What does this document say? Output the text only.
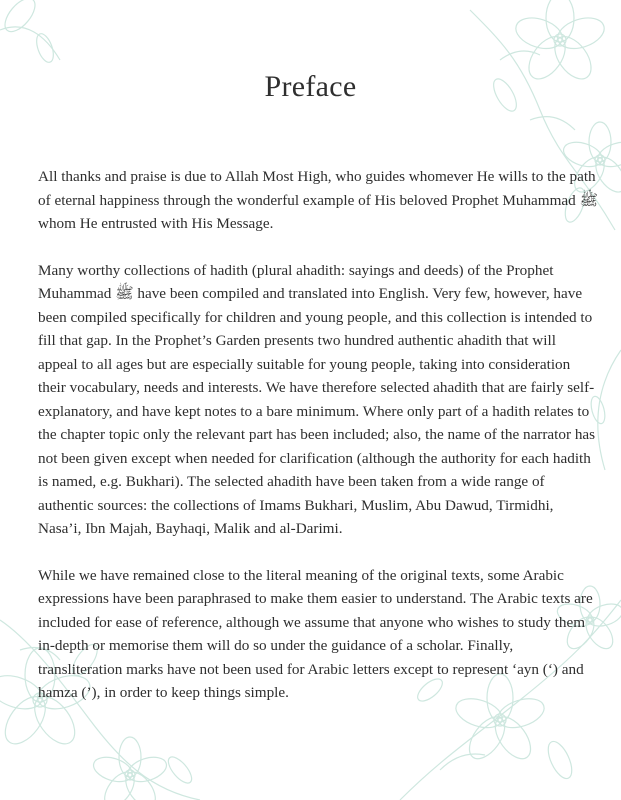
Preface

All thanks and praise is due to Allah Most High, who guides whomever He wills to the path of eternal happiness through the wonderful example of His beloved Prophet Muhammad ﷺ whom He entrusted with His Message.

Many worthy collections of hadith (plural ahadith: sayings and deeds) of the Prophet Muhammad ﷺ have been compiled and translated into English. Very few, however, have been compiled specifically for children and young people, and this collection is intended to fill that gap. In the Prophet’s Garden presents two hundred authentic ahadith that will appeal to all ages but are especially suitable for young people, taking into consideration their vocabulary, needs and interests. We have therefore selected ahadith that are fairly self-explanatory, and have kept notes to a bare minimum. Where only part of a hadith relates to the chapter topic only the relevant part has been included; also, the name of the narrator has not been given except when needed for clarification (although the authority for each hadith is named, e.g. Bukhari). The selected ahadith have been taken from a wide range of authentic sources: the collections of Imams Bukhari, Muslim, Abu Dawud, Tirmidhi, Nasa’i, Ibn Majah, Bayhaqi, Malik and al-Darimi.

While we have remained close to the literal meaning of the original texts, some Arabic expressions have been paraphrased to make them easier to understand. The Arabic texts are included for ease of reference, although we assume that anyone who wishes to study them in-depth or memorise them will do so under the guidance of a scholar. Finally, transliteration marks have not been used for Arabic letters except to represent ‘ayn (‘) and hamza (’), in order to keep things simple.
